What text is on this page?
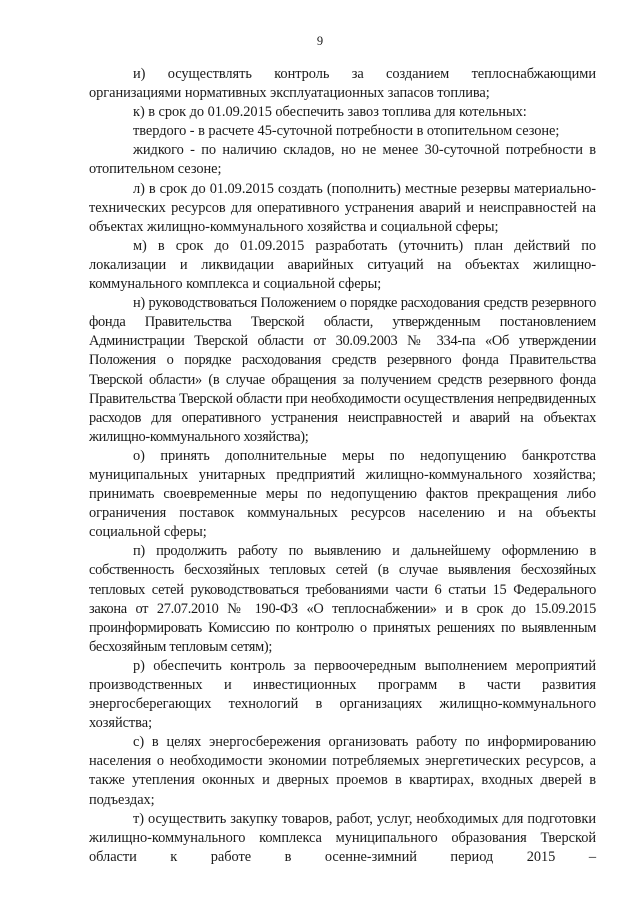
9

и) осуществлять контроль за созданием теплоснабжающими организациями нормативных эксплуатационных запасов топлива;

к) в срок до 01.09.2015 обеспечить завоз топлива для котельных:

твердого - в расчете 45-суточной потребности в отопительном сезоне;

жидкого - по наличию складов, но не менее 30-суточной потребности в отопительном сезоне;

л) в срок до 01.09.2015 создать (пополнить) местные резервы материально-технических ресурсов для оперативного устранения аварий и неисправностей на объектах жилищно-коммунального хозяйства и социальной сферы;

м) в срок до 01.09.2015 разработать (уточнить) план действий по локализации и ликвидации аварийных ситуаций на объектах жилищно-коммунального комплекса и социальной сферы;

н) руководствоваться Положением о порядке расходования средств резервного фонда Правительства Тверской области, утвержденным постановлением Администрации Тверской области от 30.09.2003 № 334-па «Об утверждении Положения о порядке расходования средств резервного фонда Правительства Тверской области» (в случае обращения за получением средств резервного фонда Правительства Тверской области при необходимости осуществления непредвиденных расходов для оперативного устранения неисправностей и аварий на объектах жилищно-коммунального хозяйства);

о) принять дополнительные меры по недопущению банкротства муниципальных унитарных предприятий жилищно-коммунального хозяйства; принимать своевременные меры по недопущению фактов прекращения либо ограничения поставок коммунальных ресурсов населению и на объекты социальной сферы;

п) продолжить работу по выявлению и дальнейшему оформлению в собственность бесхозяйных тепловых сетей (в случае выявления бесхозяйных тепловых сетей руководствоваться требованиями части 6 статьи 15 Федерального закона от 27.07.2010 № 190-ФЗ «О теплоснабжении» и в срок до 15.09.2015 проинформировать Комиссию по контролю о принятых решениях по выявленным бесхозяйным тепловым сетям);

р) обеспечить контроль за первоочередным выполнением мероприятий производственных и инвестиционных программ в части развития энергосберегающих технологий в организациях жилищно-коммунального хозяйства;

с) в целях энергосбережения организовать работу по информированию населения о необходимости экономии потребляемых энергетических ресурсов, а также утепления оконных и дверных проемов в квартирах, входных дверей в подъездах;

т) осуществить закупку товаров, работ, услуг, необходимых для подготовки жилищно-коммунального комплекса муниципального образования Тверской области к работе в осенне-зимний период 2015 –
